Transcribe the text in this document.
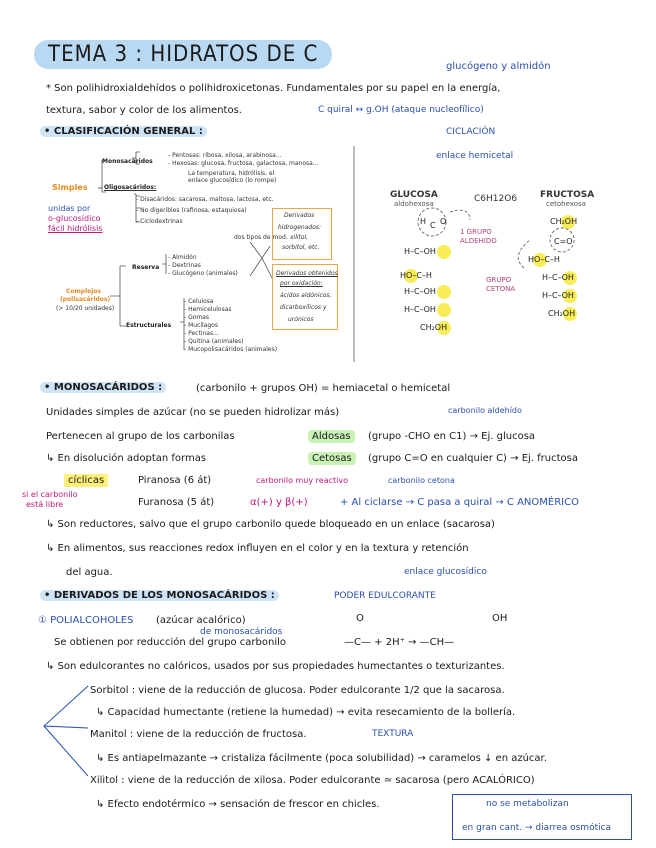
TEMA 3 : HIDRATOS DE C	glucógeno y almidón
* Son polihidroxialdehídos o polihidroxicetonas. Fundamentales por su papel en la energía,
textura, sabor y color de los alimentos.	C quiral ↔ g.OH (ataque nucleofílico)
CICLACIÓN
enlace hemicetal
• CLASIFICACIÓN GENERAL :
Simples
unidas por
o-glucosídico
fácil hidrólisis
Monosacáridos
- Pentosas: ribosa, xilosa, arabinosa...
- Hexosas: glucosa, fructosa, galactosa, manosa...
La temperatura, hidrólisis, el
enlace glucosídico (lo rompe)
Oligosacáridos:
- Disacáridos: sacarosa, maltosa, lactosa, etc.
- No digeribles (rafinosa, estaquiosa)
- Ciclodextrinas
dos tipos de mod.
Complejos
(polisacáridos)
(> 10/20 unidades)
Reserva
- Almidón
- Dextrinas
- Glucógeno (animales)
Estructurales
- Celulosa
- Hemicelulosas
- Gomas
- Mucílagos
- Pectinas...
- Quitina (animales)
- Mucopolisacáridos (animales)
Derivados
hidrogenados:
xilitol,
sorbitol, etc.
Derivados obtenidos
por oxidación:
ácidos aldónicos,
dicarboxílicos y
urónicos
GLUCOSA
aldohexosa	C6H12O6	FRUCTOSA
cetohexosa
1 GRUPO ALDEHÍDO
GRUPO CETONA
H C O
H–C–OH
HO–C–H
H–C–OH
H–C–OH
CH₂OH
CH₂OH
C=O
HO–C–H
H–C–OH
H–C–OH
CH₂OH
• MONOSACÁRIDOS :	(carbonilo + grupos OH) = hemiacetal o hemicetal
Unidades simples de azúcar (no se pueden hidrolizar más)	carbonilo aldehído
Pertenecen al grupo de los carbonilas	Aldosas	(grupo -CHO en C1) → Ej. glucosa
↳ En disolución adoptan formas	Cetosas	(grupo C=O en cualquier C) → Ej. fructosa
cíclicas	Piranosa (6 át)
Furanosa (5 át)
carbonilo muy reactivo	carbonilo cetona
α(+) y β(+)	+ Al ciclarse → C pasa a quiral → C ANOMÉRICO
si el carbonilo
está libre
↳ Son reductores, salvo que el grupo carbonilo quede bloqueado en un enlace (sacarosa)
↳ En alimentos, sus reacciones redox influyen en el color y en la textura y retención
del agua.	enlace glucosídico
• DERIVADOS DE LOS MONOSACÁRIDOS :	PODER EDULCORANTE
① POLIALCOHOLES (azúcar acalórico)
de monosacáridos
Se obtienen por reducción del grupo carbonilo
O	OH
—C— + 2H⁺ → —CH—
↳ Son edulcorantes no calóricos, usados por sus propiedades humectantes o texturizantes.
Sorbitol : viene de la reducción de glucosa. Poder edulcorante 1/2 que la sacarosa.
↳ Capacidad humectante (retiene la humedad) → evita resecamiento de la bollería.
Manitol : viene de la reducción de fructosa.	TEXTURA
↳ Es antiapelmazante → cristaliza fácilmente (poca solubilidad) → caramelos ↓ en azúcar.
Xilitol : viene de la reducción de xilosa. Poder edulcorante ≃ sacarosa (pero ACALÓRICO)
↳ Efecto endotérmico → sensación de frescor en chicles.	no se metabolizan
en gran cant. → diarrea osmótica
